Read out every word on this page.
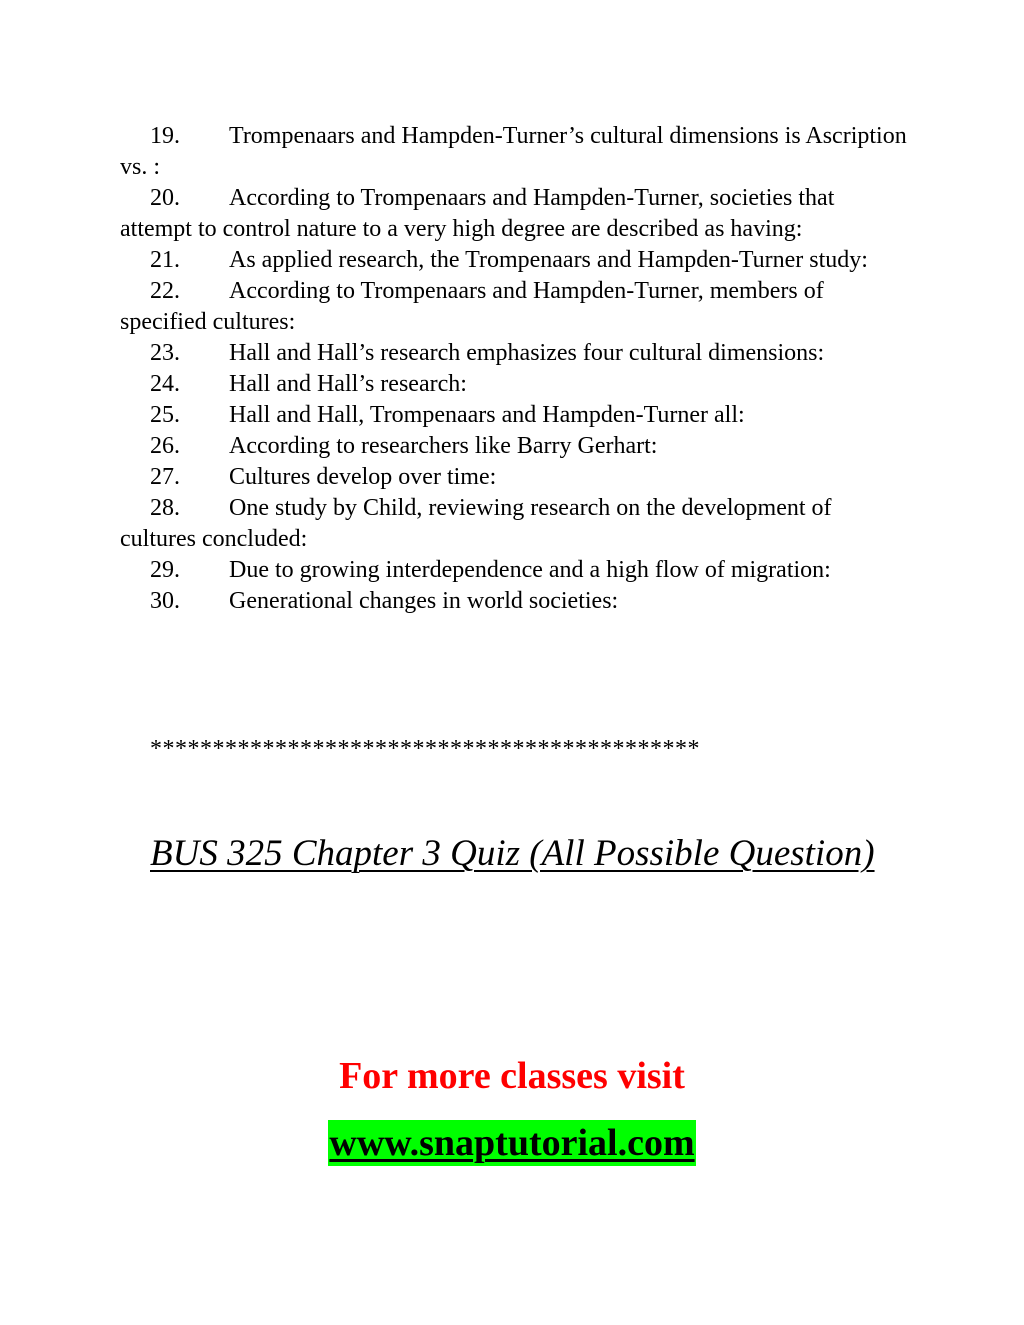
19. Trompenaars and Hampden-Turner’s cultural dimensions is Ascription vs. :
20. According to Trompenaars and Hampden-Turner, societies that attempt to control nature to a very high degree are described as having:
21. As applied research, the Trompenaars and Hampden-Turner study:
22. According to Trompenaars and Hampden-Turner, members of specified cultures:
23. Hall and Hall’s research emphasizes four cultural dimensions:
24. Hall and Hall’s research:
25. Hall and Hall, Trompenaars and Hampden-Turner all:
26. According to researchers like Barry Gerhart:
27. Cultures develop over time:
28. One study by Child, reviewing research on the development of cultures concluded:
29. Due to growing interdependence and a high flow of migration:
30. Generational changes in world societies:
********************************************
BUS 325 Chapter 3 Quiz (All Possible Question)
For more classes visit
www.snaptutorial.com
